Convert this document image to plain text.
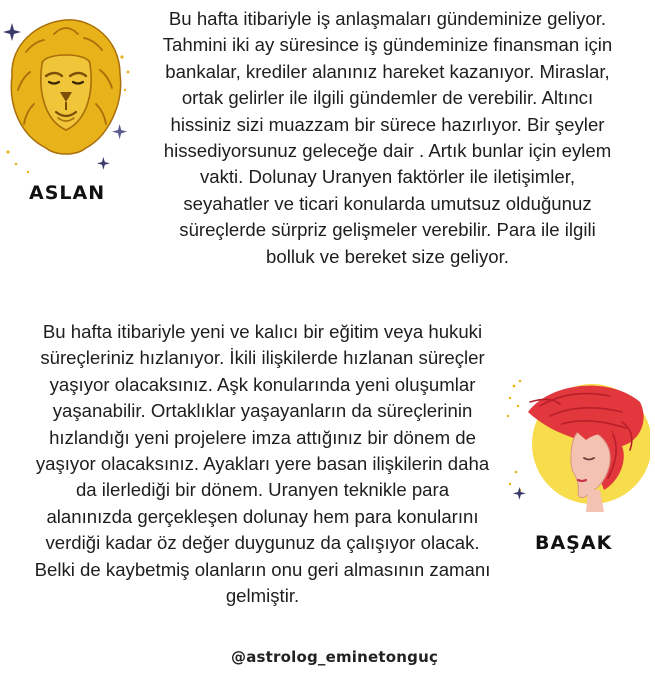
ASLAN
BAŞAK
Bu hafta itibariyle iş anlaşmaları gündeminize geliyor.
Tahmini iki ay süresince iş gündeminize finansman için
bankalar, krediler alanınız hareket kazanıyor. Miraslar,
ortak gelirler ile ilgili gündemler de verebilir. Altıncı
hissiniz sizi muazzam bir sürece hazırlıyor. Bir şeyler
hissediyorsunuz geleceğe dair . Artık bunlar için eylem
vakti. Dolunay Uranyen faktörler ile iletişimler,
seyahatler ve ticari konularda umutsuz olduğunuz
süreçlerde sürpriz gelişmeler verebilir. Para ile ilgili
bolluk ve bereket size geliyor.
Bu hafta itibariyle yeni ve kalıcı bir eğitim veya hukuki
süreçleriniz hızlanıyor. İkili ilişkilerde hızlanan süreçler
yaşıyor olacaksınız. Aşk konularında yeni oluşumlar
yaşanabilir. Ortaklıklar yaşayanların da süreçlerinin
hızlandığı yeni projelere imza attığınız bir dönem de
yaşıyor olacaksınız. Ayakları yere basan ilişkilerin daha
da ilerlediği bir dönem. Uranyen teknikle para
alanınızda gerçekleşen dolunay hem para konularını
verdiği kadar öz değer duygunuz da çalışıyor olacak.
Belki de kaybetmiş olanların onu geri almasının zamanı
gelmiştir.
@astrolog_eminetonguç
